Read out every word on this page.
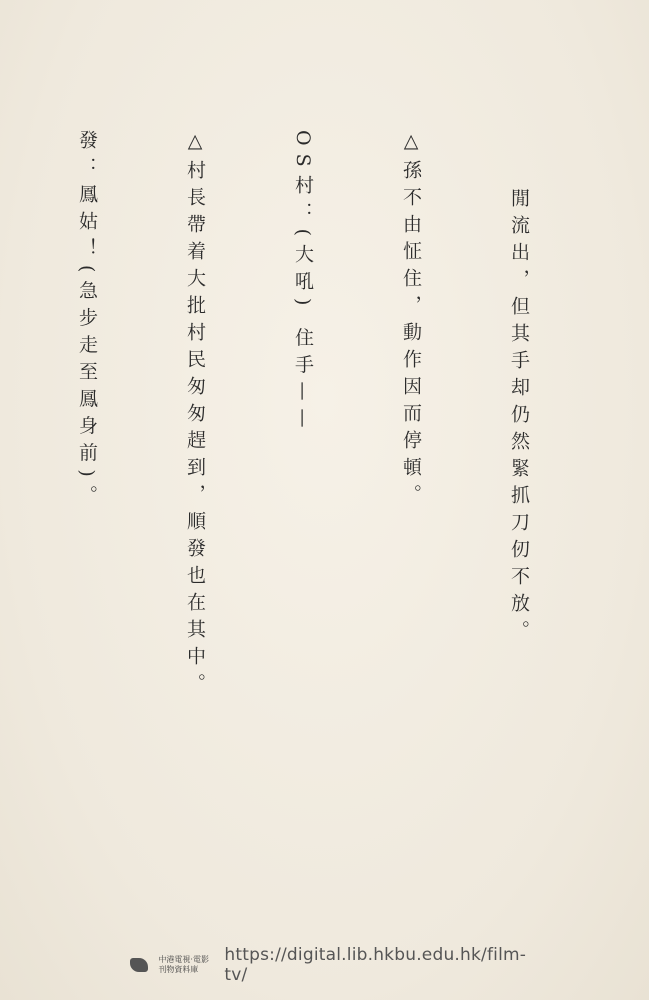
閒流出，但其手却仍然緊抓刀仞不放。

△孫不由怔住，動作因而停頓。

OS村：(大吼) 住手——

△村長帶着大批村民匆匆趕到，順發也在其中。

發：鳳姑！(急步走至鳳身前)。

中港電視·電影
刊物資料庫
https://digital.lib.hkbu.edu.hk/film-tv/
